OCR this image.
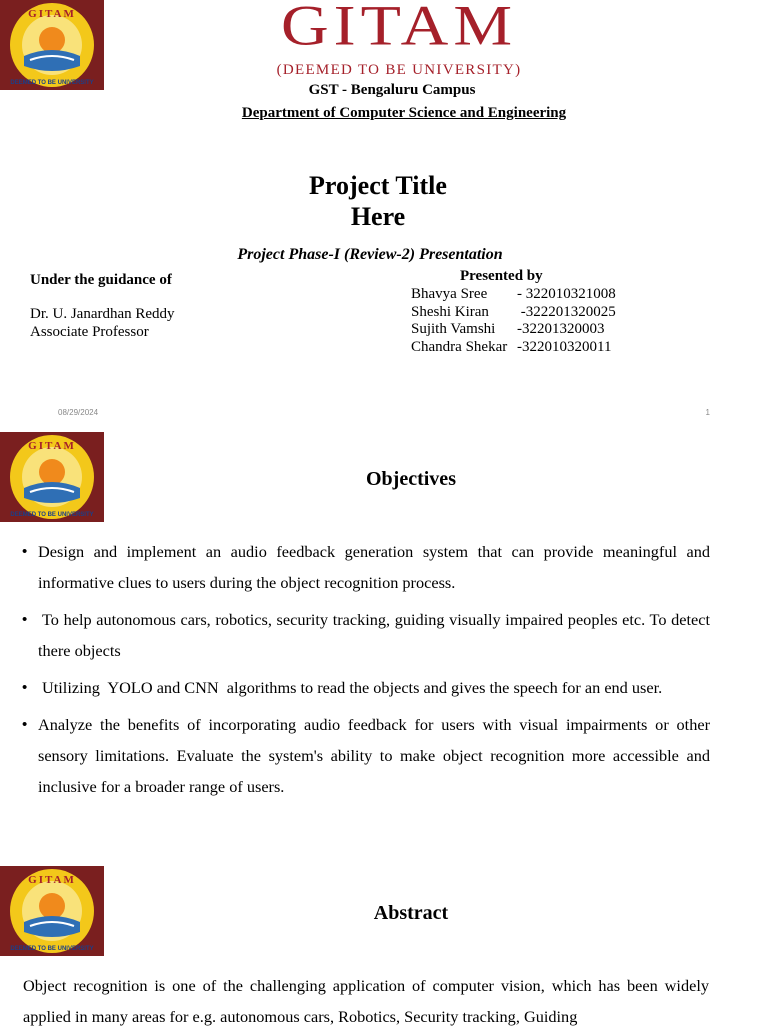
GITAM
DEEMED TO BE UNIVERSITY
GITAM
(DEEMED TO BE UNIVERSITY)
GST - Bengaluru Campus
Department of Computer Science and Engineering
Project Title
Here
Project Phase-I (Review-2) Presentation
Under the guidance of
Dr. U. Janardhan Reddy
Associate Professor
Presented by
Bhavya Sree	- 322010321008
Sheshi Kiran	-322201320025
Sujith Vamshi	-32201320003
Chandra Shekar -322010320011
08/29/2024	1
GITAM
DEEMED TO BE UNIVERSITY
Objectives
• Design and implement an audio feedback generation system that can provide meaningful and informative clues to users during the object recognition process.
• To help autonomous cars, robotics, security tracking, guiding visually impaired peoples etc. To detect there objects
• Utilizing  YOLO and CNN  algorithms to read the objects and gives the speech for an end user.
• Analyze the benefits of incorporating audio feedback for users with visual impairments or other sensory limitations. Evaluate the system's ability to make object recognition more accessible and inclusive for a broader range of users.
GITAM
DEEMED TO BE UNIVERSITY
Abstract
Object recognition is one of the challenging application of computer vision, which has been widely applied in many areas for e.g. autonomous cars, Robotics, Security tracking, Guiding
